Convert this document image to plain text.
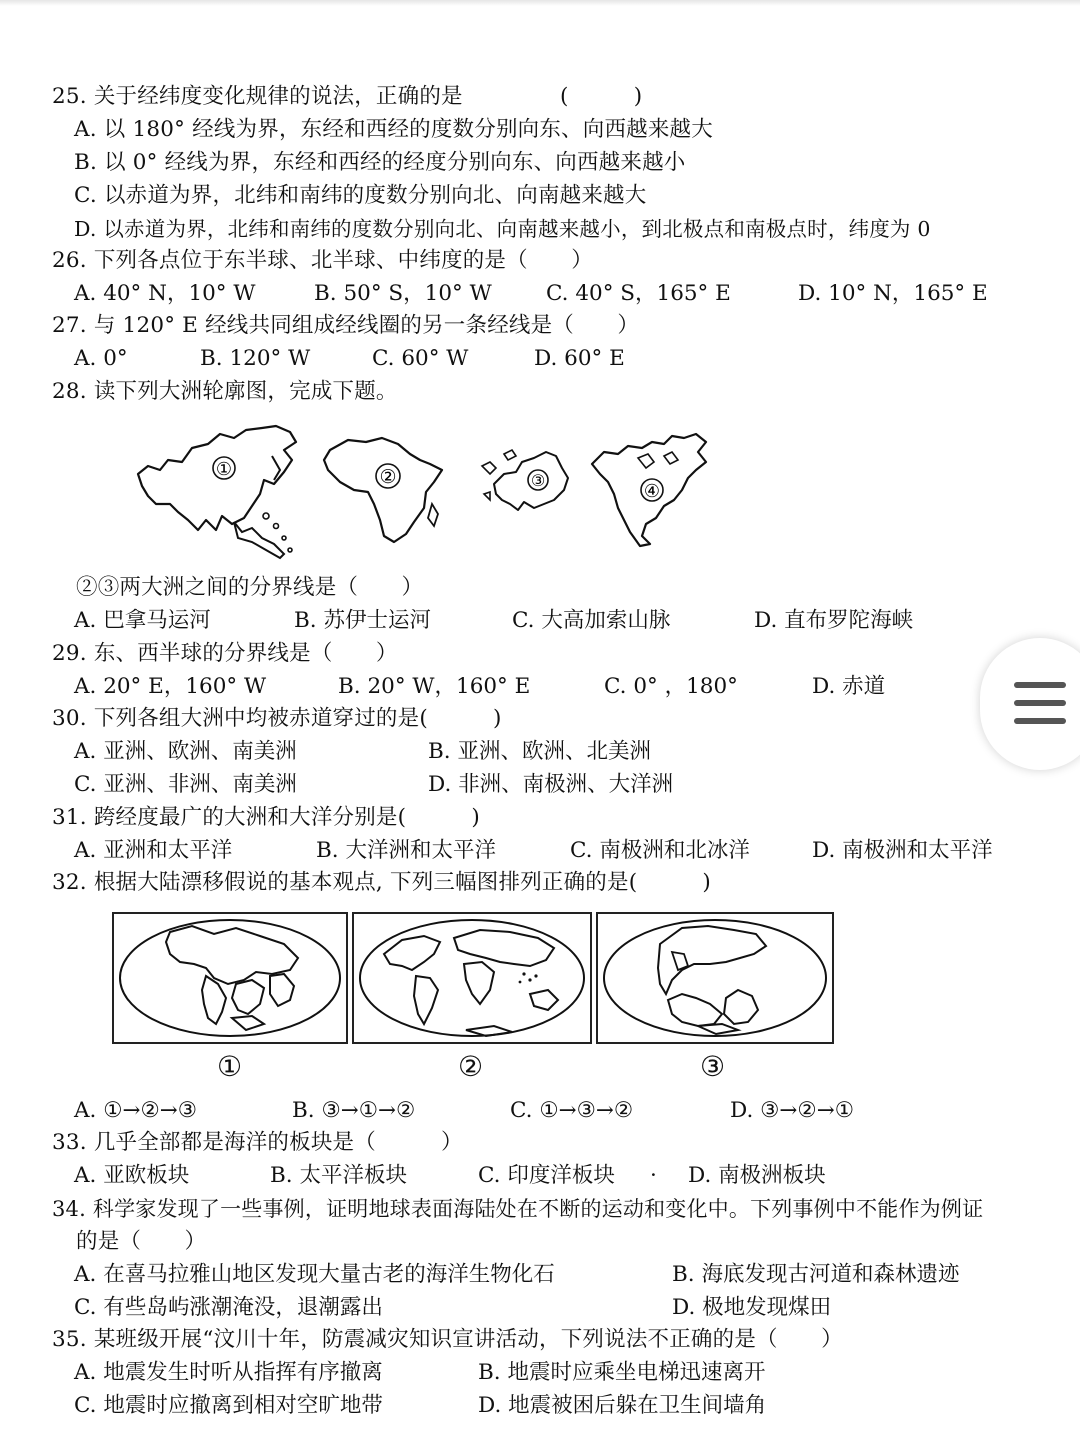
25. 关于经纬度变化规律的说法，正确的是	(　　　)
A. 以 180° 经线为界，东经和西经的度数分别向东、向西越来越大
B. 以 0° 经线为界，东经和西经的经度分别向东、向西越来越小
C. 以赤道为界，北纬和南纬的度数分别向北、向南越来越大
D. 以赤道为界，北纬和南纬的度数分别向北、向南越来越小，到北极点和南极点时，纬度为 0
26. 下列各点位于东半球、北半球、中纬度的是（　　）
A. 40° N，10° W	B. 50° S，10° W	C. 40° S，165° E	D. 10° N，165° E
27. 与 120° E 经线共同组成经线圈的另一条经线是（　　）
A. 0°	B. 120° W	C. 60° W	D. 60° E
28. 读下列大洲轮廓图，完成下题。
①	②	③
④
②③两大洲之间的分界线是（　　）
A. 巴拿马运河	B. 苏伊士运河	C. 大高加索山脉	D. 直布罗陀海峡
29. 东、西半球的分界线是（　　）
A. 20° E，160° W	B. 20° W，160° E	C. 0° ，180°	D. 赤道
30. 下列各组大洲中均被赤道穿过的是(　　　)
A. 亚洲、欧洲、南美洲	B. 亚洲、欧洲、北美洲
C. 亚洲、非洲、南美洲	D. 非洲、南极洲、大洋洲
31. 跨经度最广的大洲和大洋分别是(　　　)
A. 亚洲和太平洋	B. 大洋洲和太平洋	C. 南极洲和北冰洋	D. 南极洲和太平洋
32. 根据大陆漂移假说的基本观点, 下列三幅图排列正确的是(　　　)
①	②	③
A. ①→②→③	B. ③→①→②	C. ①→③→②	D. ③→②→①
33. 几乎全部都是海洋的板块是（　　　）
A. 亚欧板块	B. 太平洋板块	C. 印度洋板块 · D. 南极洲板块
34. 科学家发现了一些事例，证明地球表面海陆处在不断的运动和变化中。下列事例中不能作为例证
的是（　　）
A. 在喜马拉雅山地区发现大量古老的海洋生物化石	B. 海底发现古河道和森林遗迹
C. 有些岛屿涨潮淹没，退潮露出	D. 极地发现煤田
35. 某班级开展“汶川十年，防震减灾知识宣讲活动，下列说法不正确的是（　　）
A. 地震发生时听从指挥有序撤离	B. 地震时应乘坐电梯迅速离开
C. 地震时应撤离到相对空旷地带	D. 地震被困后躲在卫生间墙角
